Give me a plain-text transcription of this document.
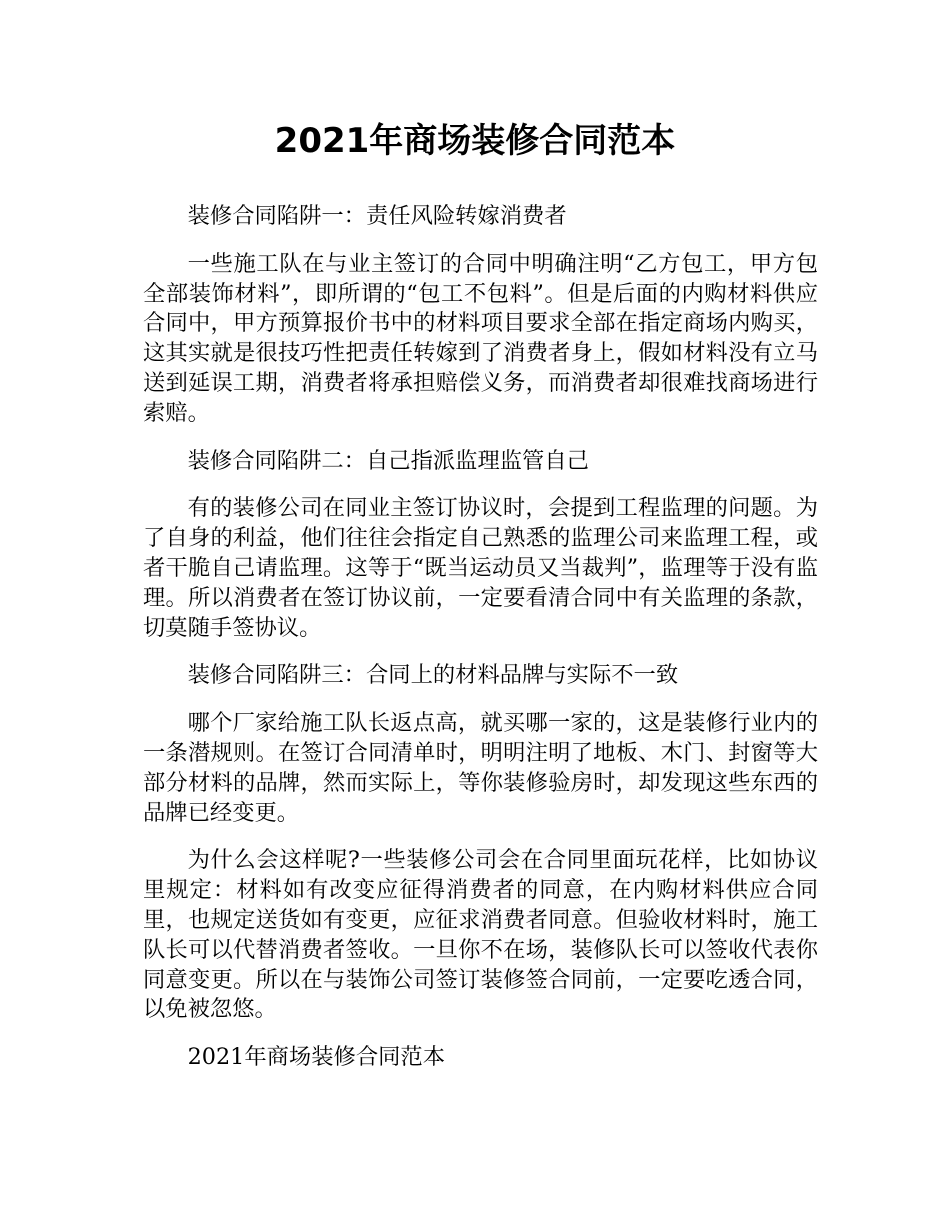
2021年商场装修合同范本

装修合同陷阱一：责任风险转嫁消费者

一些施工队在与业主签订的合同中明确注明“乙方包工，甲方包全部装饰材料”，即所谓的“包工不包料”。但是后面的内购材料供应合同中，甲方预算报价书中的材料项目要求全部在指定商场内购买，这其实就是很技巧性把责任转嫁到了消费者身上，假如材料没有立马送到延误工期，消费者将承担赔偿义务，而消费者却很难找商场进行索赔。

装修合同陷阱二：自己指派监理监管自己

有的装修公司在同业主签订协议时，会提到工程监理的问题。为了自身的利益，他们往往会指定自己熟悉的监理公司来监理工程，或者干脆自己请监理。这等于“既当运动员又当裁判”，监理等于没有监理。所以消费者在签订协议前，一定要看清合同中有关监理的条款，切莫随手签协议。

装修合同陷阱三：合同上的材料品牌与实际不一致

哪个厂家给施工队长返点高，就买哪一家的，这是装修行业内的一条潜规则。在签订合同清单时，明明注明了地板、木门、封窗等大部分材料的品牌，然而实际上，等你装修验房时，却发现这些东西的品牌已经变更。

为什么会这样呢?一些装修公司会在合同里面玩花样，比如协议里规定：材料如有改变应征得消费者的同意，在内购材料供应合同里，也规定送货如有变更，应征求消费者同意。但验收材料时，施工队长可以代替消费者签收。一旦你不在场，装修队长可以签收代表你同意变更。所以在与装饰公司签订装修签合同前，一定要吃透合同，以免被忽悠。

2021年商场装修合同范本
